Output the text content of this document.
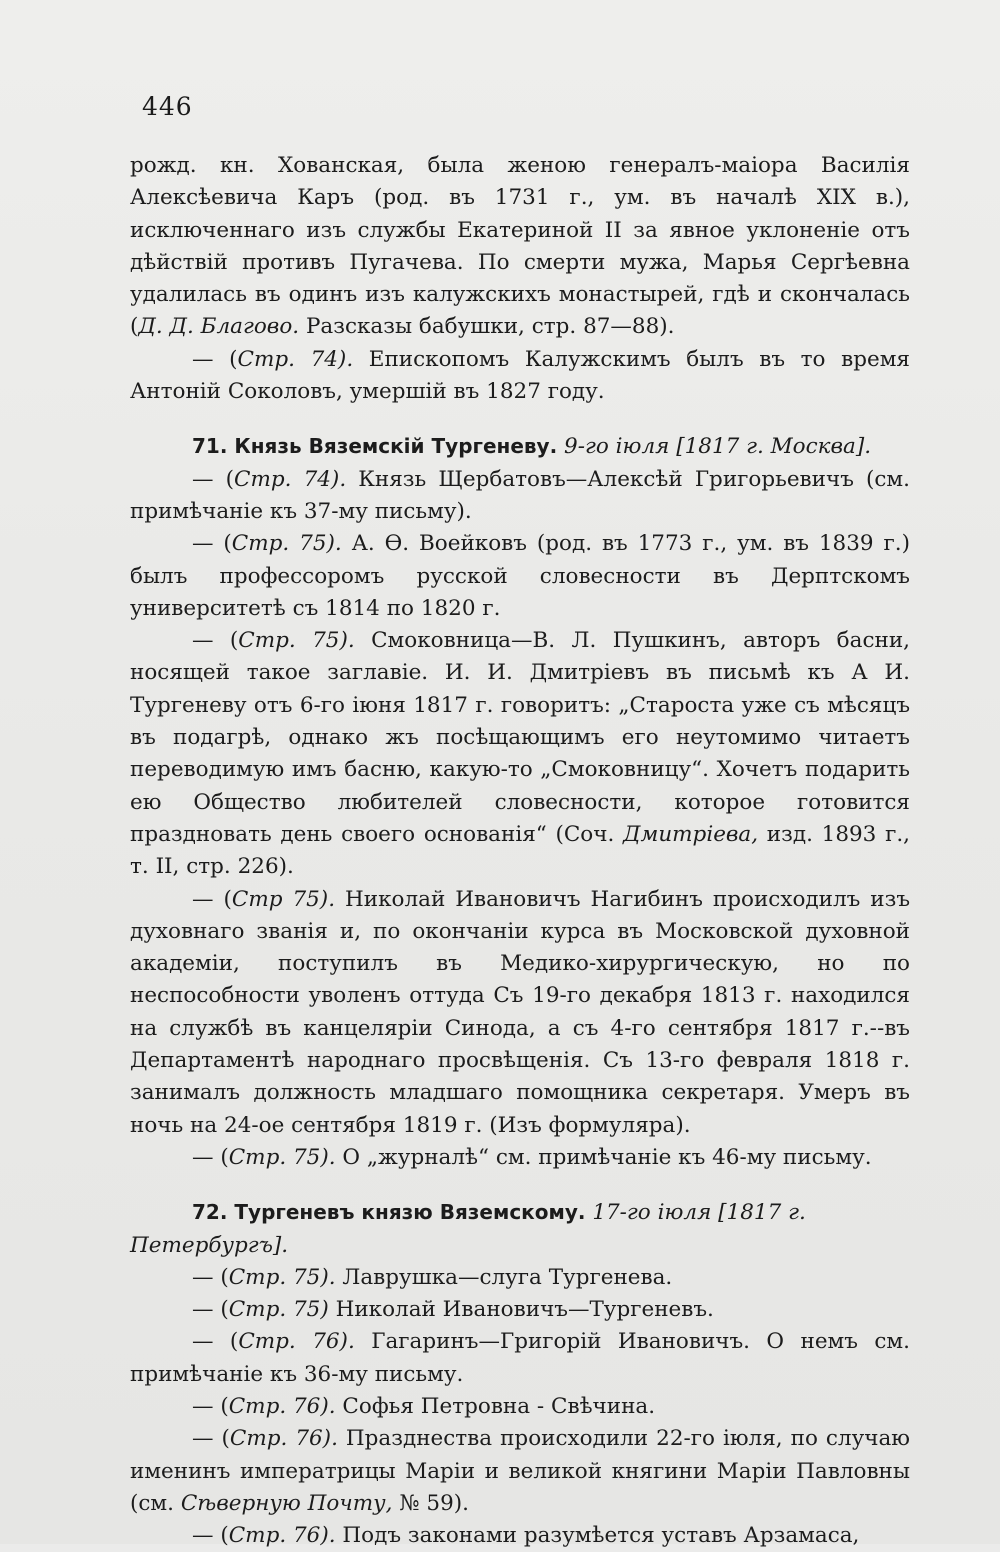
446

рожд. кн. Хованская, была женою генералъ-маіора Василія Алексѣевича Каръ (род. въ 1731 г., ум. въ началѣ XIX в.), исключеннаго изъ службы Екатериной II за явное уклоненіе отъ дѣйствій противъ Пугачева. По смерти мужа, Марья Сергѣевна удалилась въ одинъ изъ калужскихъ монастырей, гдѣ и скончалась (Д. Д. Благово. Разсказы бабушки, стр. 87—88).

— (Стр. 74). Епископомъ Калужскимъ былъ въ то время Антоній Соколовъ, умершій въ 1827 году.

71. Князь Вяземскій Тургеневу. 9-го іюля [1817 г. Москва].

— (Стр. 74). Князь Щербатовъ—Алексѣй Григорьевичъ (см. примѣчаніе къ 37-му письму).

— (Стр. 75). А. Ѳ. Воейковъ (род. въ 1773 г., ум. въ 1839 г.) былъ профессоромъ русской словесности въ Дерптскомъ университетѣ съ 1814 по 1820 г.

— (Стр. 75). Смоковница—В. Л. Пушкинъ, авторъ басни, носящей такое заглавіе. И. И. Дмитріевъ въ письмѣ къ А И. Тургеневу отъ 6-го іюня 1817 г. говоритъ: „Староста уже съ мѣсяцъ въ подагрѣ, однако жъ посѣщающимъ его неутомимо читаетъ переводимую имъ басню, какую-то „Смоковницу“. Хочетъ подарить ею Общество любителей словесности, которое готовится праздновать день своего основанія“ (Соч. Дмитріева, изд. 1893 г., т. II, стр. 226).

— (Стр 75). Николай Ивановичъ Нагибинъ происходилъ изъ духовнаго званія и, по окончаніи курса въ Московской духовной академіи, поступилъ въ Медико-хирургическую, но по неспособности уволенъ оттуда Съ 19-го декабря 1813 г. находился на службѣ въ канцеляріи Синода, а съ 4-го сентября 1817 г.--въ Департаментѣ народнаго просвѣщенія. Съ 13-го февраля 1818 г. занималъ должность младшаго помощника секретаря. Умеръ въ ночь на 24-ое сентября 1819 г. (Изъ формуляра).

— (Стр. 75). О „журналѣ“ см. примѣчаніе къ 46-му письму.

72. Тургеневъ князю Вяземскому. 17-го іюля [1817 г. Петербургъ].

— (Стр. 75). Лаврушка—слуга Тургенева.

— (Стр. 75) Николай Ивановичъ—Тургеневъ.

— (Стр. 76). Гагаринъ—Григорій Ивановичъ. О немъ см. примѣчаніе къ 36-му письму.

— (Стр. 76). Софья Петровна - Свѣчина.

— (Стр. 76). Празднества происходили 22-го іюля, по случаю именинъ императрицы Маріи и великой княгини Маріи Павловны (см. Сѣверную Почту, № 59).

— (Стр. 76). Подъ законами разумѣется уставъ Арзамаса,
